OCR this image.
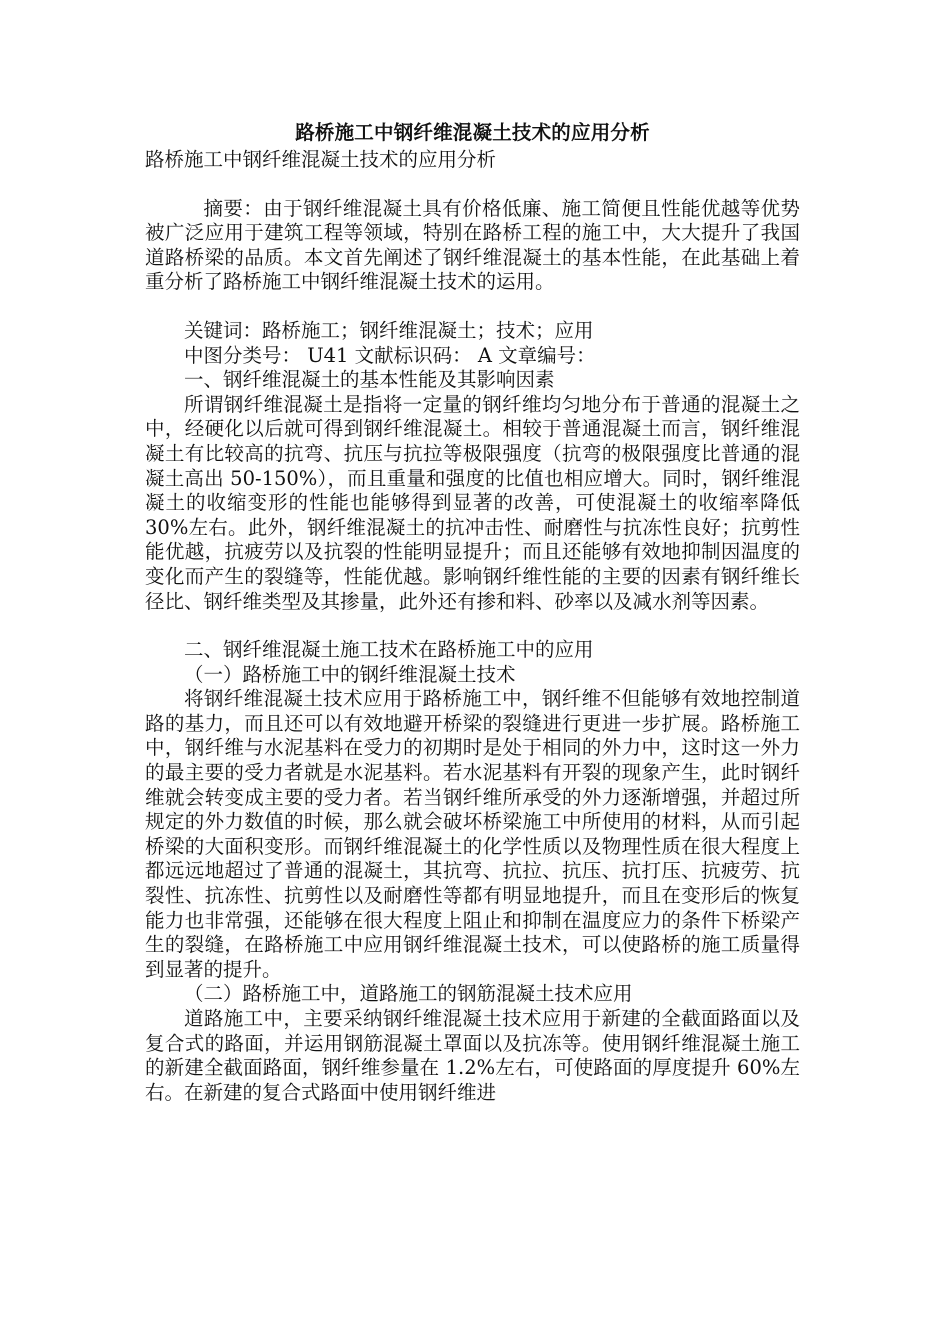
路桥施工中钢纤维混凝土技术的应用分析

路桥施工中钢纤维混凝土技术的应用分析

摘要：由于钢纤维混凝土具有价格低廉、施工简便且性能优越等优势被广泛应用于建筑工程等领域，特别在路桥工程的施工中，大大提升了我国道路桥梁的品质。本文首先阐述了钢纤维混凝土的基本性能，在此基础上着重分析了路桥施工中钢纤维混凝土技术的运用。

关键词：路桥施工；钢纤维混凝土；技术；应用

中图分类号： U41 文献标识码： A 文章编号：

一、钢纤维混凝土的基本性能及其影响因素

所谓钢纤维混凝土是指将一定量的钢纤维均匀地分布于普通的混凝土之中，经硬化以后就可得到钢纤维混凝土。相较于普通混凝土而言，钢纤维混凝土有比较高的抗弯、抗压与抗拉等极限强度（抗弯的极限强度比普通的混凝土高出 50-150%），而且重量和强度的比值也相应增大。同时，钢纤维混凝土的收缩变形的性能也能够得到显著的改善，可使混凝土的收缩率降低 30%左右。此外，钢纤维混凝土的抗冲击性、耐磨性与抗冻性良好；抗剪性能优越，抗疲劳以及抗裂的性能明显提升；而且还能够有效地抑制因温度的变化而产生的裂缝等，性能优越。影响钢纤维性能的主要的因素有钢纤维长径比、钢纤维类型及其掺量，此外还有掺和料、砂率以及减水剂等因素。

二、钢纤维混凝土施工技术在路桥施工中的应用

（一）路桥施工中的钢纤维混凝土技术

将钢纤维混凝土技术应用于路桥施工中，钢纤维不但能够有效地控制道路的基力，而且还可以有效地避开桥梁的裂缝进行更进一步扩展。路桥施工中，钢纤维与水泥基料在受力的初期时是处于相同的外力中，这时这一外力的最主要的受力者就是水泥基料。若水泥基料有开裂的现象产生，此时钢纤维就会转变成主要的受力者。若当钢纤维所承受的外力逐渐增强，并超过所规定的外力数值的时候，那么就会破坏桥梁施工中所使用的材料，从而引起桥梁的大面积变形。而钢纤维混凝土的化学性质以及物理性质在很大程度上都远远地超过了普通的混凝土，其抗弯、抗拉、抗压、抗打压、抗疲劳、抗裂性、抗冻性、抗剪性以及耐磨性等都有明显地提升，而且在变形后的恢复能力也非常强，还能够在很大程度上阻止和抑制在温度应力的条件下桥梁产生的裂缝，在路桥施工中应用钢纤维混凝土技术，可以使路桥的施工质量得到显著的提升。

（二）路桥施工中，道路施工的钢筋混凝土技术应用

道路施工中，主要采纳钢纤维混凝土技术应用于新建的全截面路面以及复合式的路面，并运用钢筋混凝土罩面以及抗冻等。使用钢纤维混凝土施工的新建全截面路面，钢纤维参量在 1.2%左右，可使路面的厚度提升 60%左右。在新建的复合式路面中使用钢纤维进
